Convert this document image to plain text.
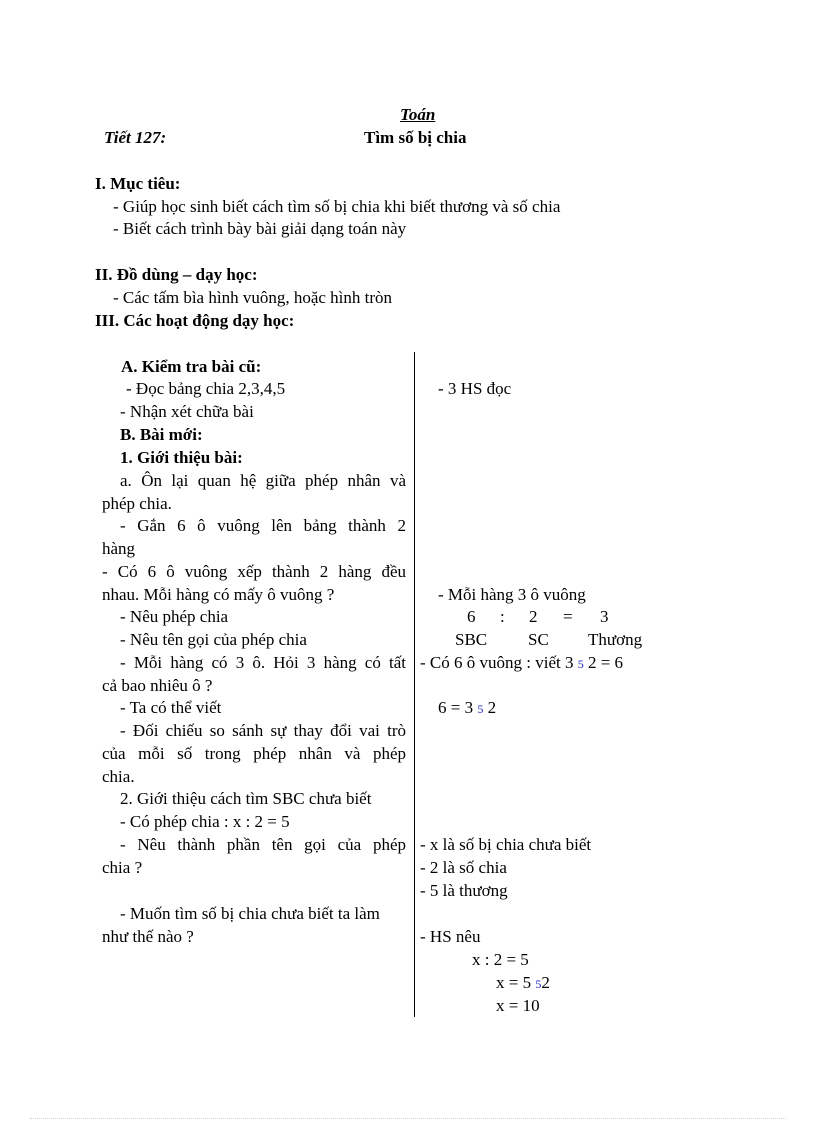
Toán
Tiết 127:	Tìm số bị chia
I. Mục tiêu:
- Giúp học sinh biết cách tìm số bị chia khi biết thương và số chia
- Biết cách trình bày bài giải dạng toán này
II. Đồ dùng – dạy học:
- Các tấm bìa hình vuông, hoặc hình tròn
III. Các hoạt động dạy học:
A. Kiểm tra bài cũ:
- Đọc bảng chia 2,3,4,5
- Nhận xét chữa bài
B. Bài mới:
1. Giới thiệu bài:
a. Ôn lại quan hệ giữa phép nhân và
phép chia.
- Gắn 6 ô vuông lên bảng thành 2
hàng
- Có 6 ô vuông xếp thành 2 hàng đều
nhau. Mỗi hàng có mấy ô vuông ?
- Nêu phép chia
- Nêu tên gọi của phép chia
- Mỗi hàng có 3 ô. Hỏi 3 hàng có tất
cả bao nhiêu ô ?
- Ta có thể viết
- Đối chiếu so sánh sự thay đổi vai trò
của mỗi số trong phép nhân và phép
chia.
2. Giới thiệu cách tìm SBC chưa biết
- Có phép chia : x : 2 = 5
- Nêu thành phần tên gọi của phép
chia ?
- Muốn tìm số bị chia chưa biết ta làm
như thế nào ?
- 3 HS đọc
- Mỗi hàng 3 ô vuông
6 : 2 = 3
SBC SC Thương
- Có 6 ô vuông : viết 3 5 2 = 6
6 = 3 5 2
- x là số bị chia chưa biết
- 2 là số chia
- 5 là thương
- HS nêu
x : 2 = 5
x = 5 52
x = 10
